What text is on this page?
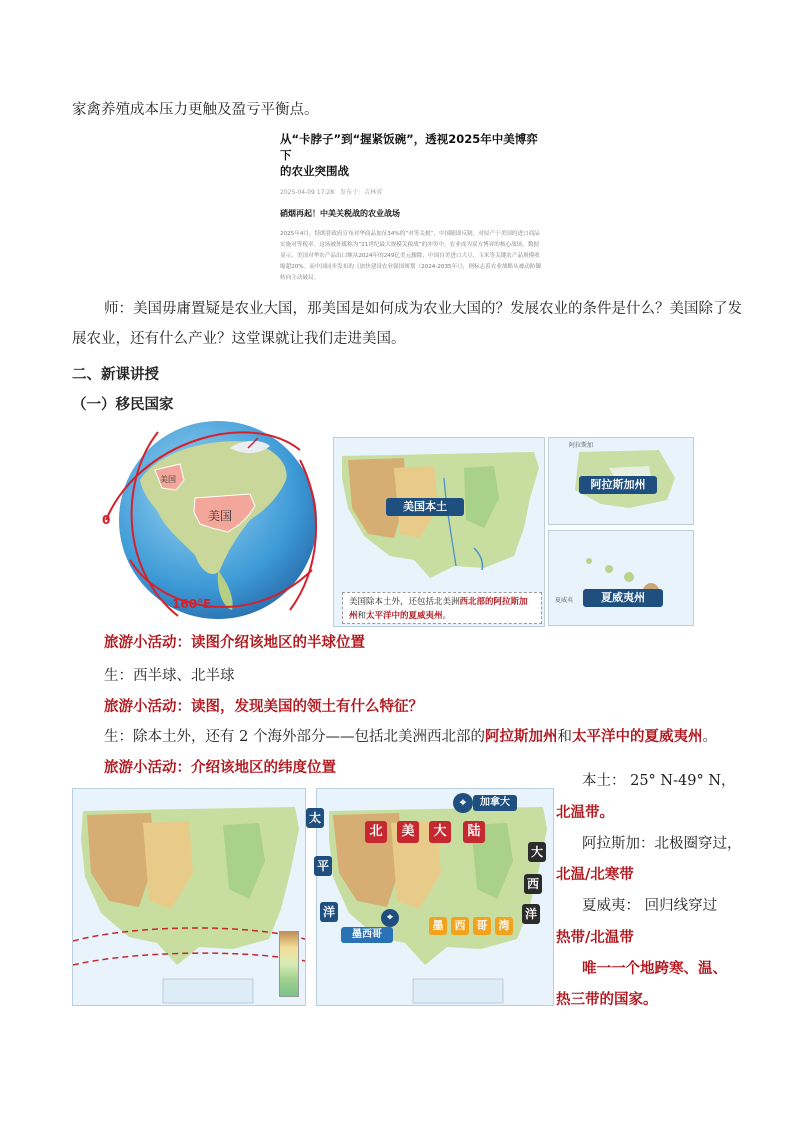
家禽养殖成本压力更触及盈亏平衡点。
从“卡脖子”到“握紧饭碗”，透视2025年中美博弈下
的农业突围战
2025-04-09 17:28　发布于：吉林省
硝烟再起！中美关税战的农业战场
2025年4月，特朗普政府宣布对华商品加征34%的“对等关税”，中国随即反制，对原产于美国的进口商品实施对等税率。这场被外媒称为“21世纪最大规模关税战”的冲突中，农业成为双方博弈的核心战场。数据显示，美国对华农产品出口额从2024年的249亿美元骤降，中国自美进口大豆、玉米等关键农产品规模收缩超20%。而中国同步发布的《加快建设农业强国规划（2024-2035年）》，则标志着农业战略从被动防御转向主动破局。
师：美国毋庸置疑是农业大国，那美国是如何成为农业大国的？发展农业的条件是什么？美国除了发
展农业，还有什么产业？这堂课就让我们走进美国。
二、新课讲授
（一）移民国家
美国
美国
0
160°E
美国本土
美国除本土外，还包括北美洲西北部的阿拉斯加州和太平洋中的夏威夷州。
阿拉斯加
阿拉斯加州
夏威夷	夏威夷州
旅游小活动：读图介绍该地区的半球位置
生：西半球、北半球
旅游小活动：读图，发现美国的领土有什么特征？
生：除本土外，还有 2 个海外部分——包括北美洲西北部的阿拉斯加州和太平洋中的夏威夷州。
旅游小活动：介绍该地区的纬度位置
⌖	加拿大
北	美	大	陆
⌖
墨西哥
墨	西	哥	湾
太
平
洋
大
西
洋
本土： 25° N-49° N，
北温带。
阿拉斯加：北极圈穿过，
北温/北寒带
夏威夷： 回归线穿过
热带/北温带
唯一一个地跨寒、温、
热三带的国家。
